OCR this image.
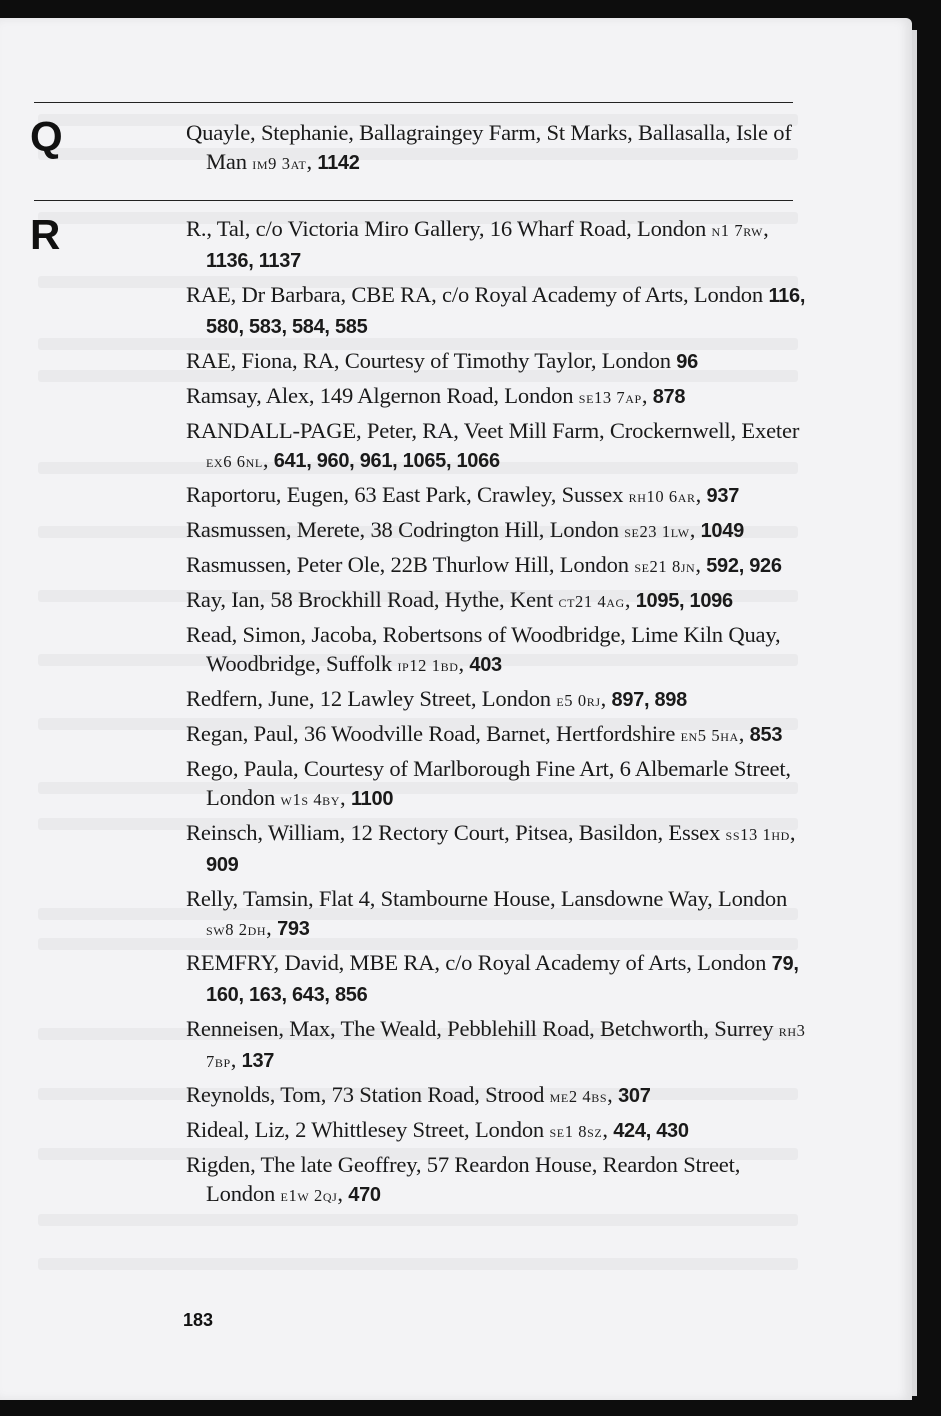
Q	Quayle, Stephanie, Ballagraingey Farm, St Marks, Ballasalla, Isle of Man im9 3at, 1142
R	R., Tal, c/o Victoria Miro Gallery, 16 Wharf Road, London n1 7rw, 1136, 1137
RAE, Dr Barbara, CBE RA, c/o Royal Academy of Arts, London 116, 580, 583, 584, 585
RAE, Fiona, RA, Courtesy of Timothy Taylor, London 96
Ramsay, Alex, 149 Algernon Road, London se13 7ap, 878
RANDALL-PAGE, Peter, RA, Veet Mill Farm, Crockernwell, Exeter ex6 6nl, 641, 960, 961, 1065, 1066
Raportoru, Eugen, 63 East Park, Crawley, Sussex rh10 6ar, 937
Rasmussen, Merete, 38 Codrington Hill, London se23 1lw, 1049
Rasmussen, Peter Ole, 22B Thurlow Hill, London se21 8jn, 592, 926
Ray, Ian, 58 Brockhill Road, Hythe, Kent ct21 4ag, 1095, 1096
Read, Simon, Jacoba, Robertsons of Woodbridge, Lime Kiln Quay, Woodbridge, Suffolk ip12 1bd, 403
Redfern, June, 12 Lawley Street, London e5 0rj, 897, 898
Regan, Paul, 36 Woodville Road, Barnet, Hertfordshire en5 5ha, 853
Rego, Paula, Courtesy of Marlborough Fine Art, 6 Albemarle Street, London w1s 4by, 1100
Reinsch, William, 12 Rectory Court, Pitsea, Basildon, Essex ss13 1hd, 909
Relly, Tamsin, Flat 4, Stambourne House, Lansdowne Way, London sw8 2dh, 793
REMFRY, David, MBE RA, c/o Royal Academy of Arts, London 79, 160, 163, 643, 856
Renneisen, Max, The Weald, Pebblehill Road, Betchworth, Surrey rh3 7bp, 137
Reynolds, Tom, 73 Station Road, Strood me2 4bs, 307
Rideal, Liz, 2 Whittlesey Street, London se1 8sz, 424, 430
Rigden, The late Geoffrey, 57 Reardon House, Reardon Street, London e1w 2qj, 470
183
